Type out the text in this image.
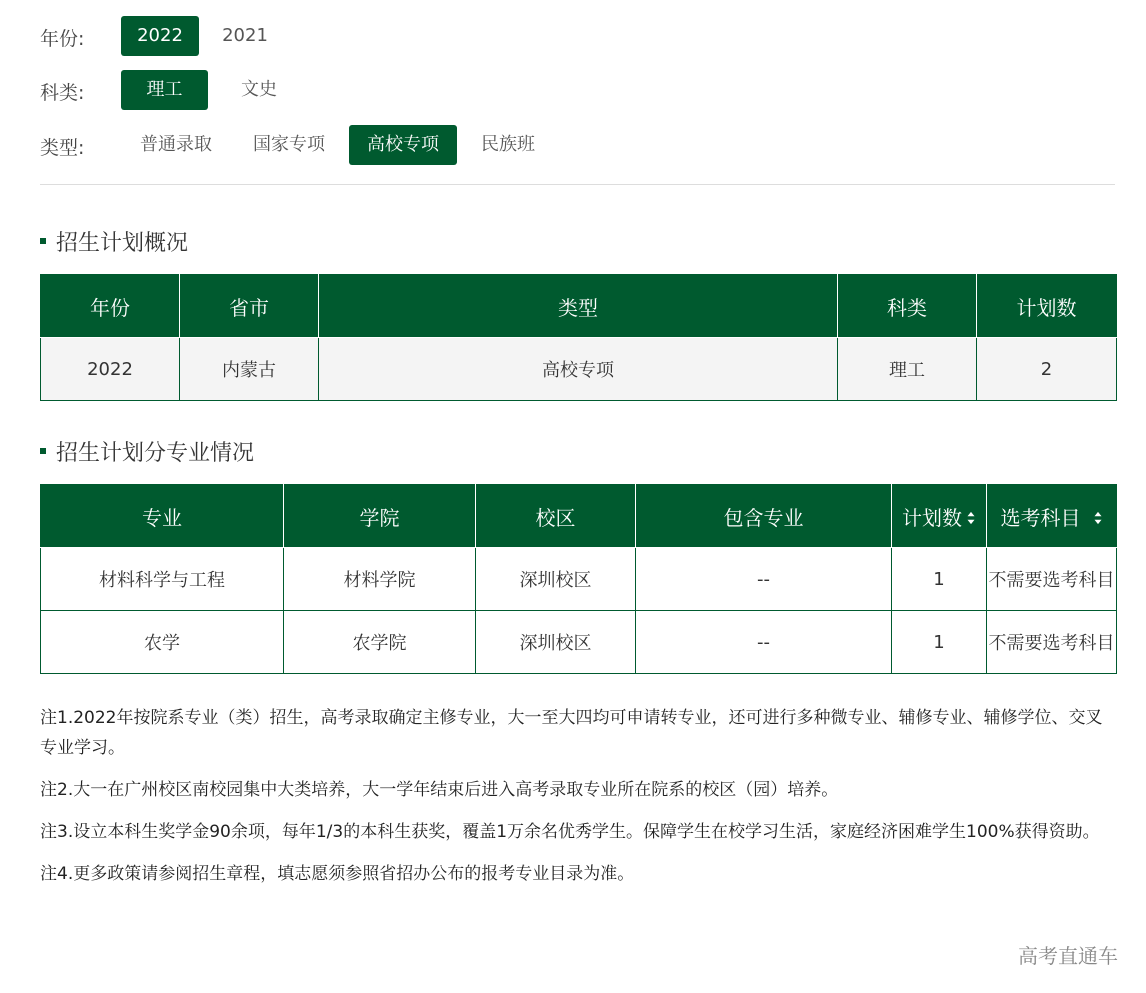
年份:	2022	2021
科类:	理工	文史
类型:	普通录取	国家专项	高校专项	民族班
招生计划概况
年份	省市	类型	科类	计划数
2022	内蒙古	高校专项	理工	2
招生计划分专业情况
专业	学院	校区	包含专业	计划数	选考科目
材料科学与工程	材料学院	深圳校区	--	1	不需要选考科目
农学	农学院	深圳校区	--	1	不需要选考科目

注1.2022年按院系专业（类）招生，高考录取确定主修专业，大一至大四均可申请转专业，还可进行多种微专业、辅修专业、辅修学位、交叉专业学习。

注2.大一在广州校区南校园集中大类培养，大一学年结束后进入高考录取专业所在院系的校区（园）培养。

注3.设立本科生奖学金90余项，每年1/3的本科生获奖，覆盖1万余名优秀学生。保障学生在校学习生活，家庭经济困难学生100%获得资助。

注4.更多政策请参阅招生章程，填志愿须参照省招办公布的报考专业目录为准。

高考直通车
